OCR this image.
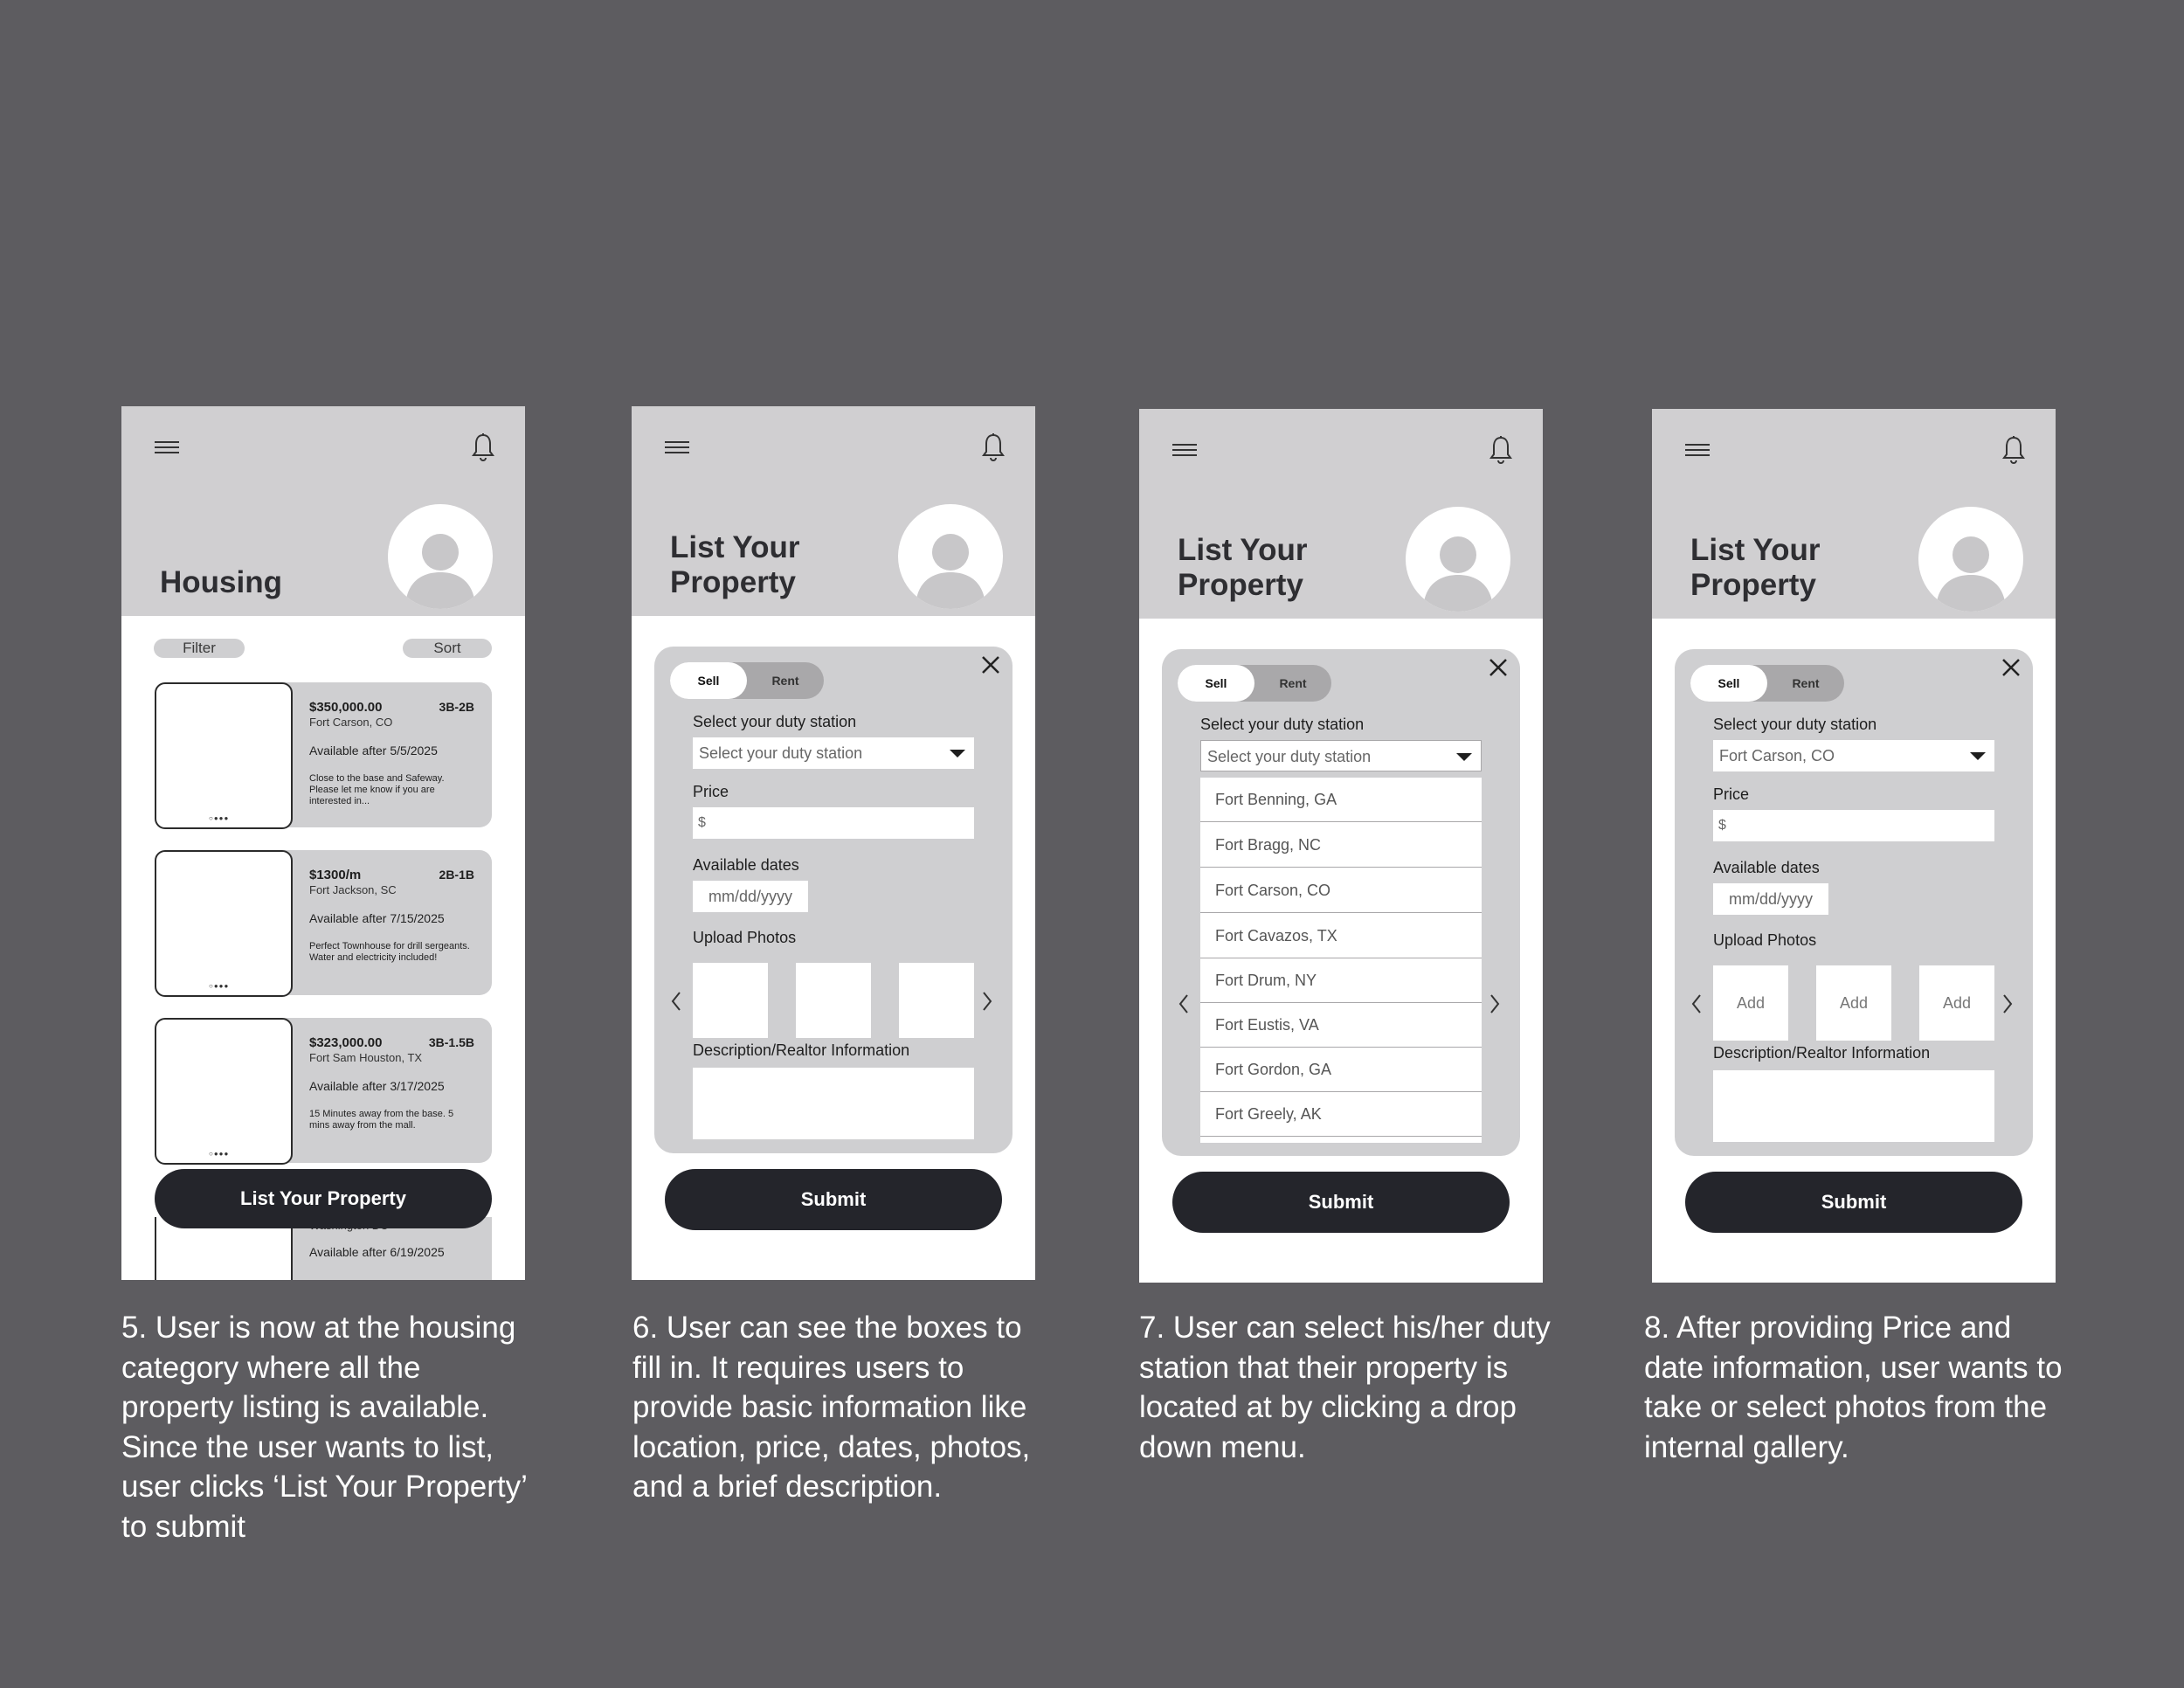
Housing
Filter	Sort
○●●●
$350,000.00	3B-2B
Fort Carson, CO
Available after 5/5/2025
Close to the base and Safeway. Please let me know if you are interested in...
○●●●
$1300/m	2B-1B
Fort Jackson, SC
Available after 7/15/2025
Perfect Townhouse for drill sergeants. Water and electricity included!
○●●●
$323,000.00	3B-1.5B
Fort Sam Houston, TX
Available after 3/17/2025
15 Minutes away from the base. 5 mins away from the mall.
Available after 6/19/2025
List Your Property
List Your
Property
Sell	Rent
Select your duty station
Select your duty station
Price
$
Available dates
mm/dd/yyyy
Upload Photos
Description/Realtor Information
Submit
List Your
Property
Sell	Rent
Select your duty station
Select your duty station
Fort Benning, GA
Fort Bragg, NC
Fort Carson, CO
Fort Cavazos, TX
Fort Drum, NY
Fort Eustis, VA
Fort Gordon, GA
Fort Greely, AK
Submit
List Your
Property
Sell	Rent
Select your duty station
Fort Carson, CO
Price
$
Available dates
mm/dd/yyyy
Upload Photos
Add	Add	Add
Description/Realtor Information
Submit
5. User is now at the housing category where all the property listing is available. Since the user wants to list, user clicks ‘List Your Property’ to submit
6. User can see the boxes to fill in. It requires users to provide basic information like location, price, dates, photos, and a brief description.
7. User can select his/her duty station that their property is located at by clicking a drop down menu.
8. After providing Price and date information, user wants to take or select photos from the internal gallery.
